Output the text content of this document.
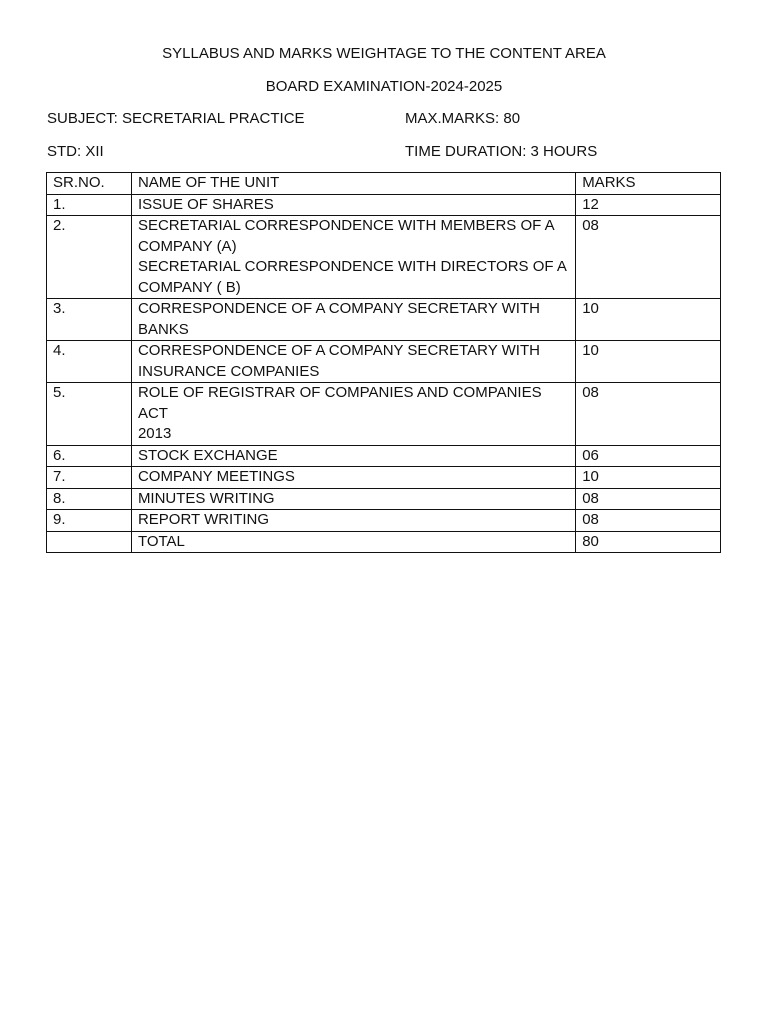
SYLLABUS AND MARKS WEIGHTAGE TO THE CONTENT AREA
BOARD EXAMINATION-2024-2025
SUBJECT: SECRETARIAL PRACTICE	MAX.MARKS: 80
STD: XII	TIME DURATION: 3 HOURS
SR.NO.	NAME OF THE UNIT	MARKS
1.	ISSUE OF SHARES	12
2.	SECRETARIAL CORRESPONDENCE WITH MEMBERS OF A
COMPANY (A)
SECRETARIAL CORRESPONDENCE WITH DIRECTORS OF A
COMPANY ( B)	08
3.	CORRESPONDENCE OF A COMPANY SECRETARY WITH
BANKS	10
4.	CORRESPONDENCE OF A COMPANY SECRETARY WITH
INSURANCE COMPANIES	10
5.	ROLE OF REGISTRAR OF COMPANIES AND COMPANIES ACT
2013	08
6.	STOCK EXCHANGE	06
7.	COMPANY MEETINGS	10
8.	MINUTES WRITING	08
9.	REPORT WRITING	08
	TOTAL	80
